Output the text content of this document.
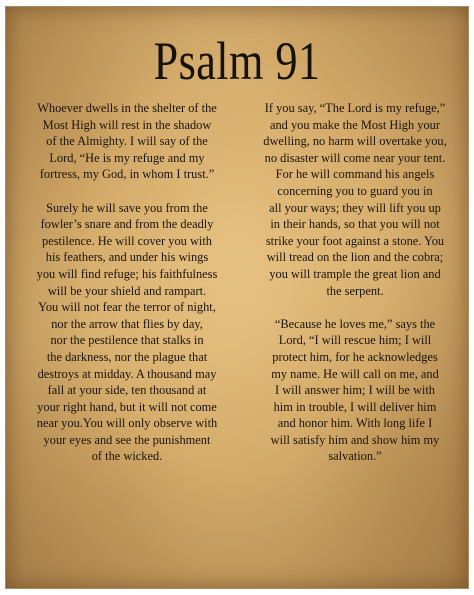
Psalm 91

Whoever dwells in the shelter of the
Most High will rest in the shadow
of the Almighty. I will say of the
Lord, “He is my refuge and my
fortress, my God, in whom I trust.”

Surely he will save you from the
fowler’s snare and from the deadly
pestilence. He will cover you with
his feathers, and under his wings
you will find refuge; his faithfulness
will be your shield and rampart.
You will not fear the terror of night,
nor the arrow that flies by day,
nor the pestilence that stalks in
the darkness, nor the plague that
destroys at midday. A thousand may
fall at your side, ten thousand at
your right hand, but it will not come
near you.You will only observe with
your eyes and see the punishment
of the wicked.

If you say, “The Lord is my refuge,”
and you make the Most High your
dwelling, no harm will overtake you,
no disaster will come near your tent.
For he will command his angels
concerning you to guard you in
all your ways; they will lift you up
in their hands, so that you will not
strike your foot against a stone. You
will tread on the lion and the cobra;
you will trample the great lion and
the serpent.

“Because he loves me,” says the
Lord, “I will rescue him; I will
protect him, for he acknowledges
my name. He will call on me, and
I will answer him; I will be with
him in trouble, I will deliver him
and honor him. With long life I
will satisfy him and show him my
salvation.”
